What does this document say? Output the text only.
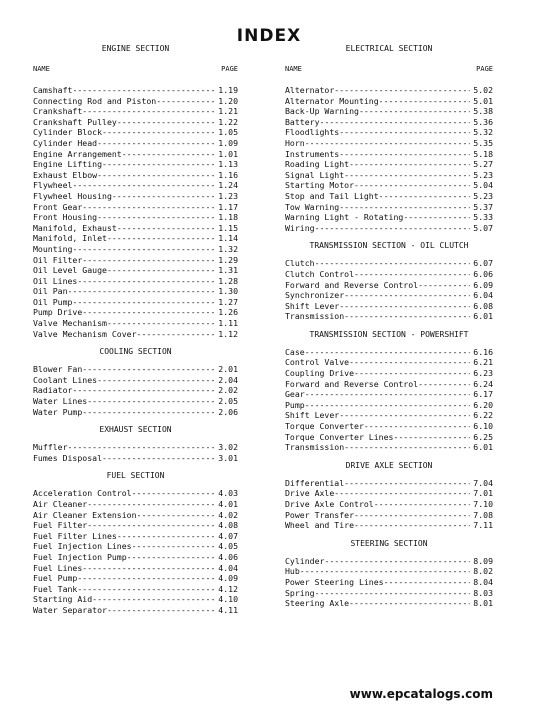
INDEX
ENGINE SECTION
NAME	PAGE
Camshaft -----	1.19
Connecting Rod and Piston -----	1.20
Crankshaft -----	1.21
Crankshaft Pulley -----	1.22
Cylinder Block -----	1.05
Cylinder Head -----	1.09
Engine Arrangement -----	1.01
Engine Lifting -----	1.13
Exhaust Elbow -----	1.16
Flywheel -----	1.24
Flywheel Housing -----	1.23
Front Gear -----	1.17
Front Housing -----	1.18
Manifold, Exhaust -----	1.15
Manifold, Inlet -----	1.14
Mounting -----	1.32
Oil Filter -----	1.29
Oil Level Gauge -----	1.31
Oil Lines -----	1.28
Oil Pan -----	1.30
Oil Pump -----	1.27
Pump Drive -----	1.26
Valve Mechanism -----	1.11
Valve Mechanism Cover -----	1.12
COOLING SECTION
Blower Fan -----	2.01
Coolant Lines -----	2.04
Radiator -----	2.02
Water Lines -----	2.05
Water Pump -----	2.06
EXHAUST SECTION
Muffler -----	3.02
Fumes Disposal -----	3.01
FUEL SECTION
Acceleration Control -----	4.03
Air Cleaner -----	4.01
Air Cleaner Extension -----	4.02
Fuel Filter -----	4.08
Fuel Filter Lines -----	4.07
Fuel Injection Lines -----	4.05
Fuel Injection Pump -----	4.06
Fuel Lines -----	4.04
Fuel Pump -----	4.09
Fuel Tank -----	4.12
Starting Aid -----	4.10
Water Separator -----	4.11
ELECTRICAL SECTION
NAME	PAGE
Alternator -----	5.02
Alternator Mounting -----	5.01
Back-Up Warning -----	5.38
Battery -----	5.36
Floodlights -----	5.32
Horn -----	5.35
Instruments -----	5.18
Roading Light -----	5.27
Signal Light -----	5.23
Starting Motor -----	5.04
Stop and Tail Light -----	5.23
Tow Warning -----	5.37
Warning Light - Rotating -----	5.33
Wiring -----	5.07
TRANSMISSION SECTION - OIL CLUTCH
Clutch -----	6.07
Clutch Control -----	6.06
Forward and Reverse Control -----	6.09
Synchronizer -----	6.04
Shift Lever -----	6.08
Transmission -----	6.01
TRANSMISSION SECTION - POWERSHIFT
Case -----	6.16
Control Valve -----	6.21
Coupling Drive -----	6.23
Forward and Reverse Control -----	6.24
Gear -----	6.17
Pump -----	6.20
Shift Lever -----	6.22
Torque Converter -----	6.10
Torque Converter Lines -----	6.25
Transmission -----	6.01
DRIVE AXLE SECTION
Differential -----	7.04
Drive Axle -----	7.01
Drive Axle Control -----	7.10
Power Transfer -----	7.08
Wheel and Tire -----	7.11
STEERING SECTION
Cylinder -----	8.09
Hub -----	8.02
Power Steering Lines -----	8.04
Spring -----	8.03
Steering Axle -----	8.01
www.epcatalogs.com
